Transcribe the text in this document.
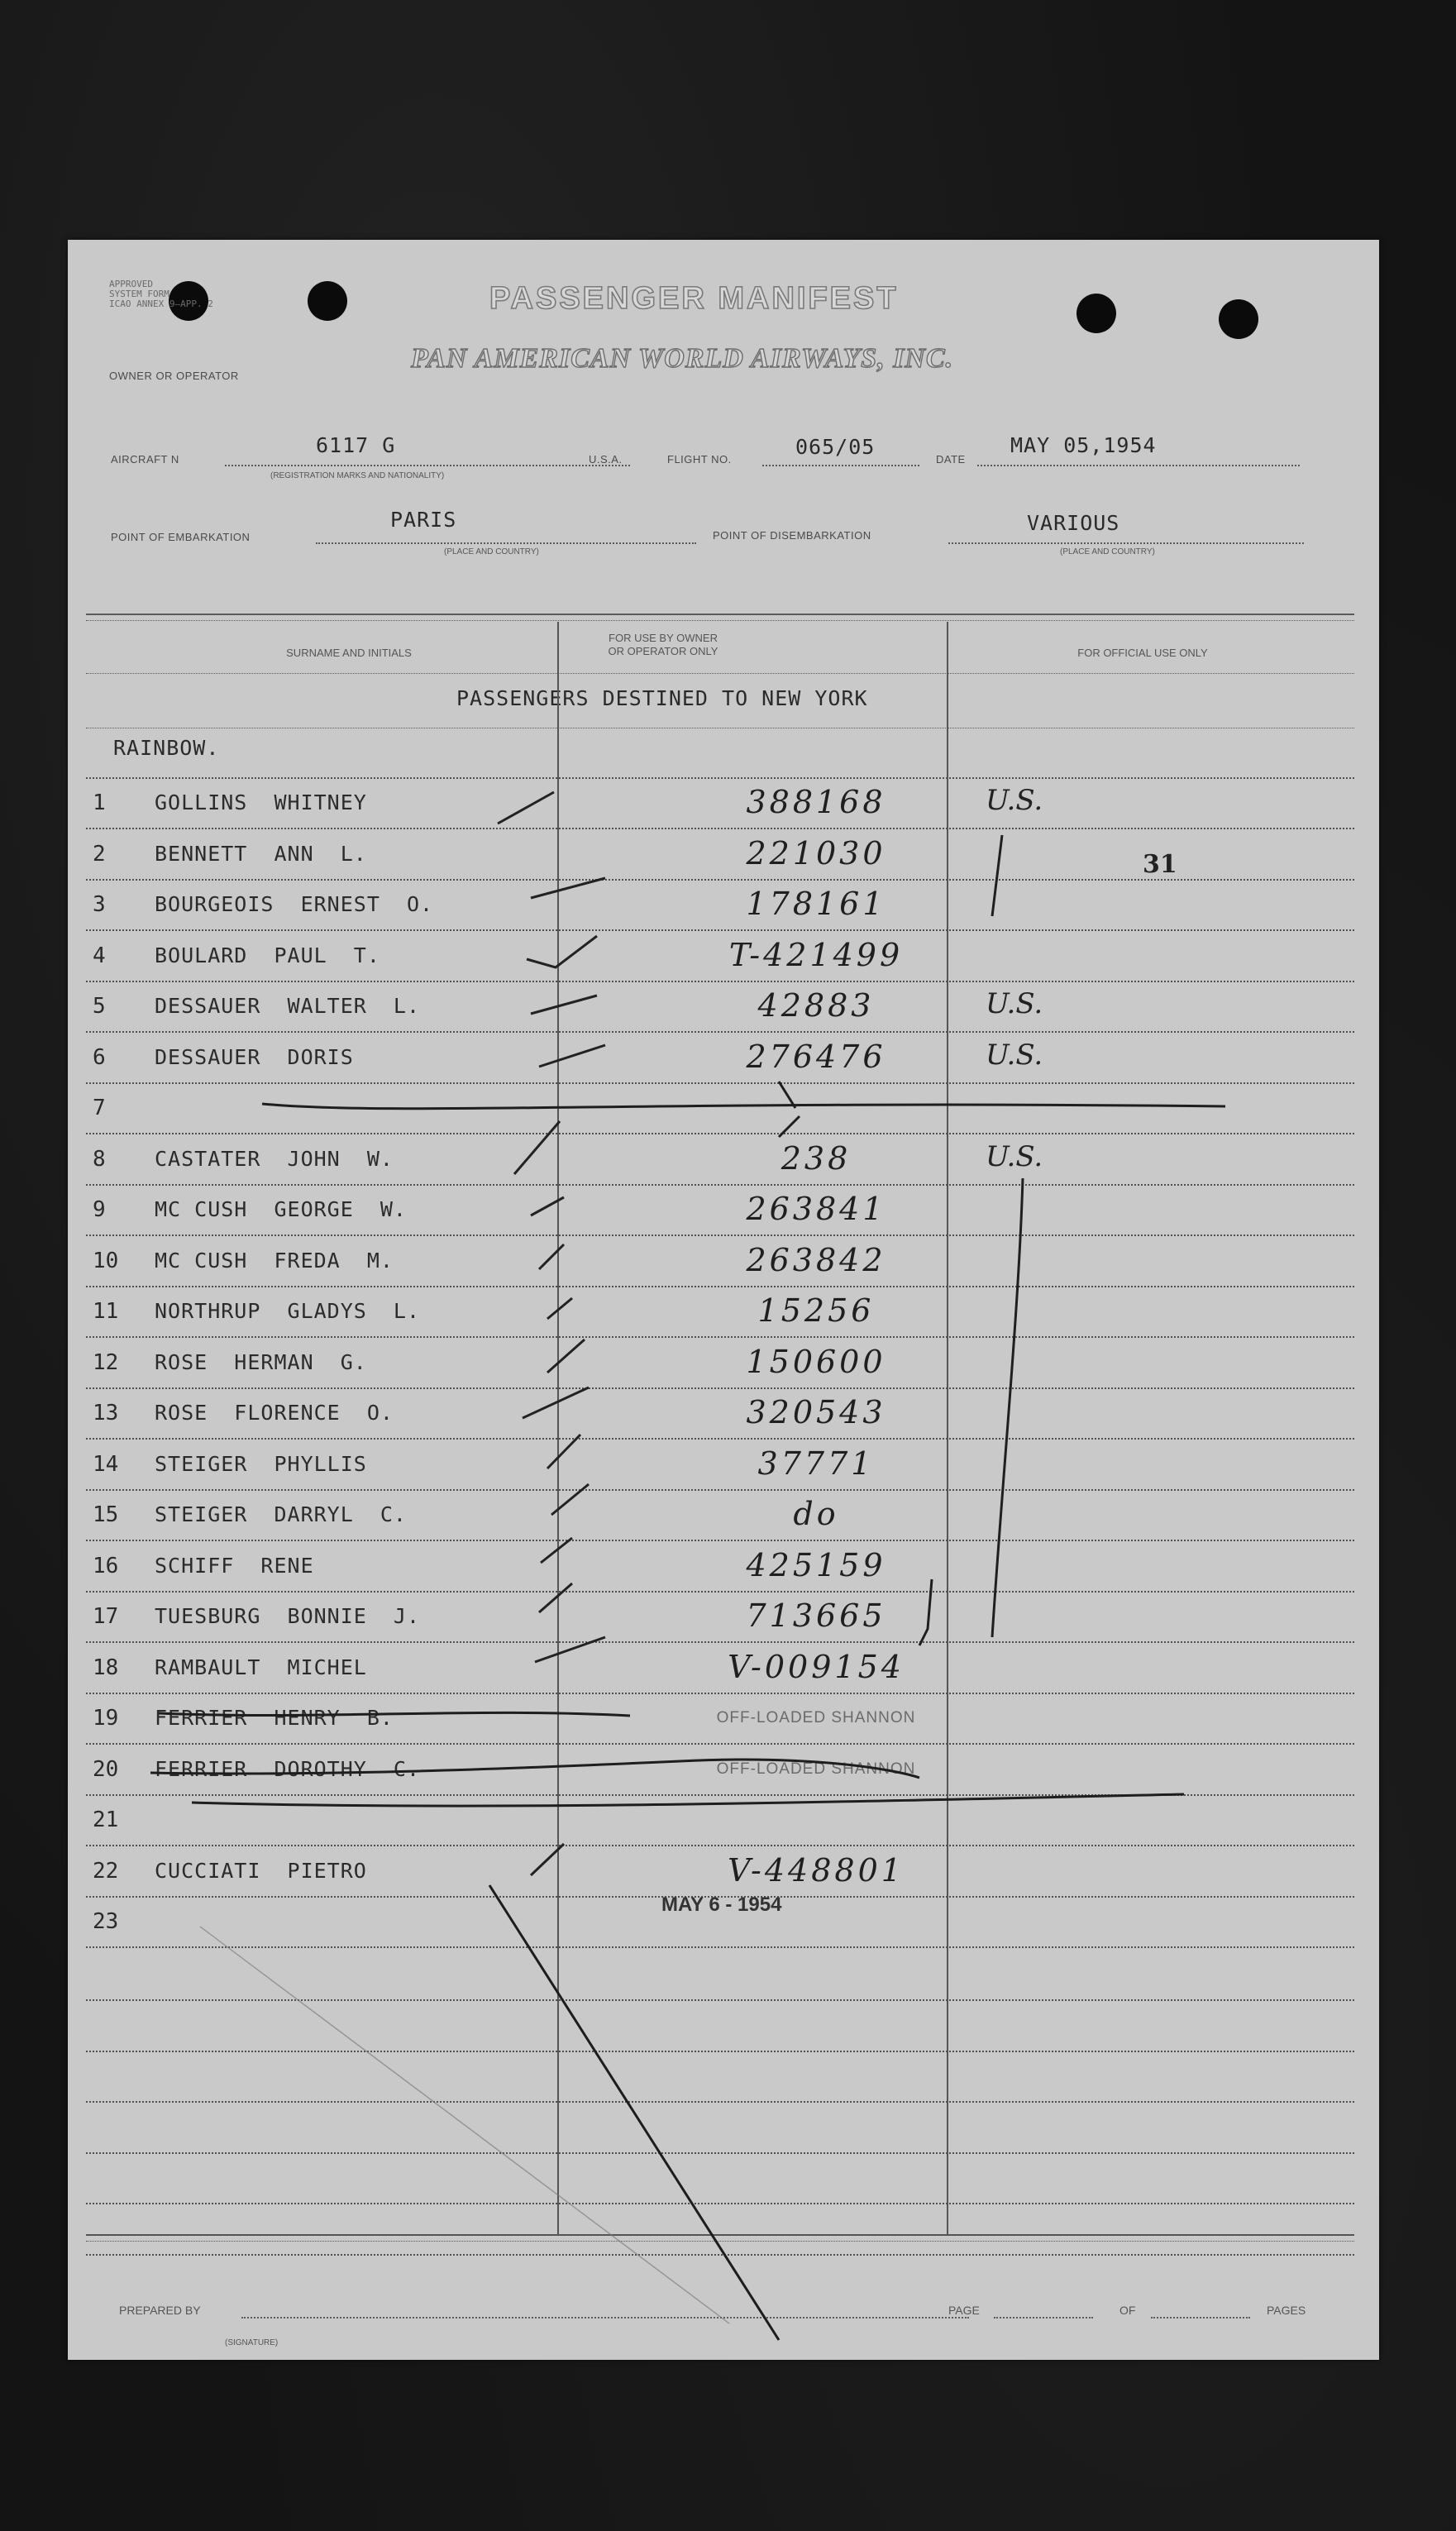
APPROVED
SYSTEM FORM
ICAO ANNEX 9—APP. 2	PASSENGER MANIFEST
OWNER OR OPERATOR
PAN AMERICAN WORLD AIRWAYS, INC.
AIRCRAFT N
6117 G
(REGISTRATION MARKS AND NATIONALITY)
U.S.A.	FLIGHT NO.
065/05
DATE
MAY 05,1954
POINT OF EMBARKATION
PARIS
(PLACE AND COUNTRY)
POINT OF DISEMBARKATION
VARIOUS
(PLACE AND COUNTRY)
SURNAME AND INITIALS
FOR USE BY OWNER
OR OPERATOR ONLY	FOR OFFICIAL USE ONLY
PASSENGERS DESTINED TO NEW YORK
RAINBOW.
1	GOLLINS  WHITNEY	388168	U.S.
2	BENNETT  ANN  L.	221030
3	BOURGEOIS  ERNEST  O.	178161
4	BOULARD  PAUL  T.	T-421499
5	DESSAUER  WALTER  L.	42883	U.S.
6	DESSAUER  DORIS	276476	U.S.
7
8	CASTATER  JOHN  W.	238	U.S.
9	MC CUSH  GEORGE  W.	263841
10	MC CUSH  FREDA  M.	263842
11	NORTHRUP  GLADYS  L.	15256
12	ROSE  HERMAN  G.	150600
13	ROSE  FLORENCE  O.	320543
14	STEIGER  PHYLLIS	37771
15	STEIGER  DARRYL  C.	do
16	SCHIFF  RENE	425159
17	TUESBURG  BONNIE  J.	713665
18	RAMBAULT  MICHEL	V-009154
19	FERRIER  HENRY  B.	OFF-LOADED SHANNON
20	FERRIER  DOROTHY  C.	OFF-LOADED SHANNON
21
22	CUCCIATI  PIETRO	V-448801
23
MAY 6 - 1954
31
PREPARED BY
(SIGNATURE)
PAGE	OF	PAGES
